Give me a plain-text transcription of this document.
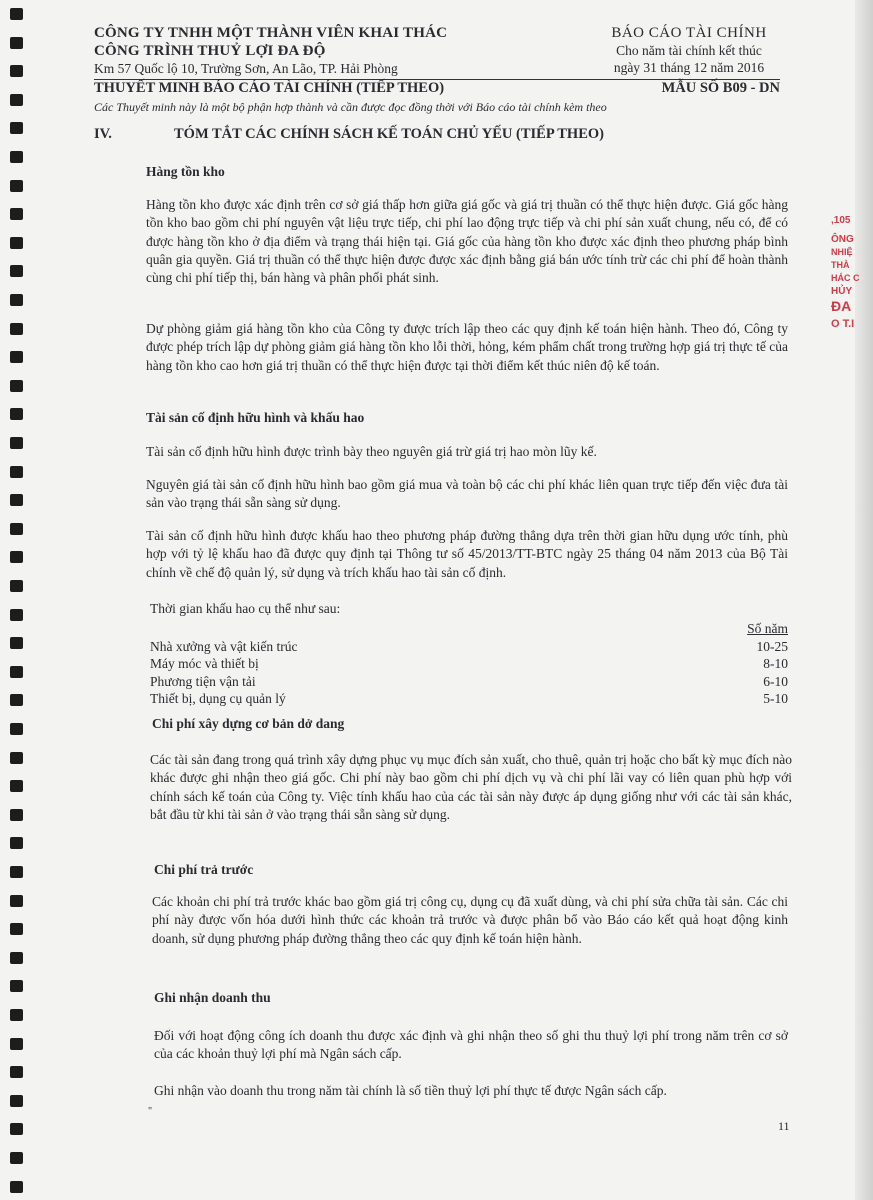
CÔNG TY TNHH MỘT THÀNH VIÊN KHAI THÁC
CÔNG TRÌNH THUỶ LỢI ĐA ĐỘ
Km 57 Quốc lộ 10, Trường Sơn, An Lão, TP. Hải Phòng
BÁO CÁO TÀI CHÍNH
Cho năm tài chính kết thúc
ngày 31 tháng 12 năm 2016
THUYẾT MINH BÁO CÁO TÀI CHÍNH (TIẾP THEO)	MẪU SỐ B09 - DN
Các Thuyết minh này là một bộ phận hợp thành và cần được đọc đồng thời với Báo cáo tài chính kèm theo
IV.	TÓM TẮT CÁC CHÍNH SÁCH KẾ TOÁN CHỦ YẾU (TIẾP THEO)
Hàng tồn kho
Hàng tồn kho được xác định trên cơ sở giá thấp hơn giữa giá gốc và giá trị thuần có thể thực hiện được. Giá gốc hàng tồn kho bao gồm chi phí nguyên vật liệu trực tiếp, chi phí lao động trực tiếp và chi phí sản xuất chung, nếu có, để có được hàng tồn kho ở địa điểm và trạng thái hiện tại. Giá gốc của hàng tồn kho được xác định theo phương pháp bình quân gia quyền. Giá trị thuần có thể thực hiện được được xác định bằng giá bán ước tính trừ các chi phí để hoàn thành cùng chi phí tiếp thị, bán hàng và phân phối phát sinh.
Dự phòng giảm giá hàng tồn kho của Công ty được trích lập theo các quy định kế toán hiện hành. Theo đó, Công ty được phép trích lập dự phòng giảm giá hàng tồn kho lỗi thời, hỏng, kém phẩm chất trong trường hợp giá trị thực tế của hàng tồn kho cao hơn giá trị thuần có thể thực hiện được tại thời điểm kết thúc niên độ kế toán.
Tài sản cố định hữu hình và khấu hao
Tài sản cố định hữu hình được trình bày theo nguyên giá trừ giá trị hao mòn lũy kế.
Nguyên giá tài sản cố định hữu hình bao gồm giá mua và toàn bộ các chi phí khác liên quan trực tiếp đến việc đưa tài sản vào trạng thái sẵn sàng sử dụng.
Tài sản cố định hữu hình được khấu hao theo phương pháp đường thẳng dựa trên thời gian hữu dụng ước tính, phù hợp với tỷ lệ khấu hao đã được quy định tại Thông tư số 45/2013/TT-BTC ngày 25 tháng 04 năm 2013 của Bộ Tài chính về chế độ quản lý, sử dụng và trích khấu hao tài sản cố định.
Thời gian khấu hao cụ thể như sau:
Số năm
Nhà xưởng và vật kiến trúc	10-25
Máy móc và thiết bị	8-10
Phương tiện vận tải	6-10
Thiết bị, dụng cụ quản lý	5-10
Chi phí xây dựng cơ bản dở dang
Các tài sản đang trong quá trình xây dựng phục vụ mục đích sản xuất, cho thuê, quản trị hoặc cho bất kỳ mục đích nào khác được ghi nhận theo giá gốc. Chi phí này bao gồm chi phí dịch vụ và chi phí lãi vay có liên quan phù hợp với chính sách kế toán của Công ty. Việc tính khấu hao của các tài sản này được áp dụng giống như với các tài sản khác, bắt đầu từ khi tài sản ở vào trạng thái sẵn sàng sử dụng.
Chi phí trả trước
Các khoản chi phí trả trước khác bao gồm giá trị công cụ, dụng cụ đã xuất dùng, và chi phí sửa chữa tài sản. Các chi phí này được vốn hóa dưới hình thức các khoản trả trước và được phân bổ vào Báo cáo kết quả hoạt động kinh doanh, sử dụng phương pháp đường thẳng theo các quy định kế toán hiện hành.
Ghi nhận doanh thu
Đối với hoạt động công ích doanh thu được xác định và ghi nhận theo số ghi thu thuỷ lợi phí trong năm trên cơ sở của các khoản thuỷ lợi phí mà Ngân sách cấp.
Ghi nhận vào doanh thu trong năm tài chính là số tiền thuỷ lợi phí thực tế được Ngân sách cấp.
"
11
,105
ÔNG
NHIỆ
THÀ
HÁC C
HỦY
ĐA
O T.I
